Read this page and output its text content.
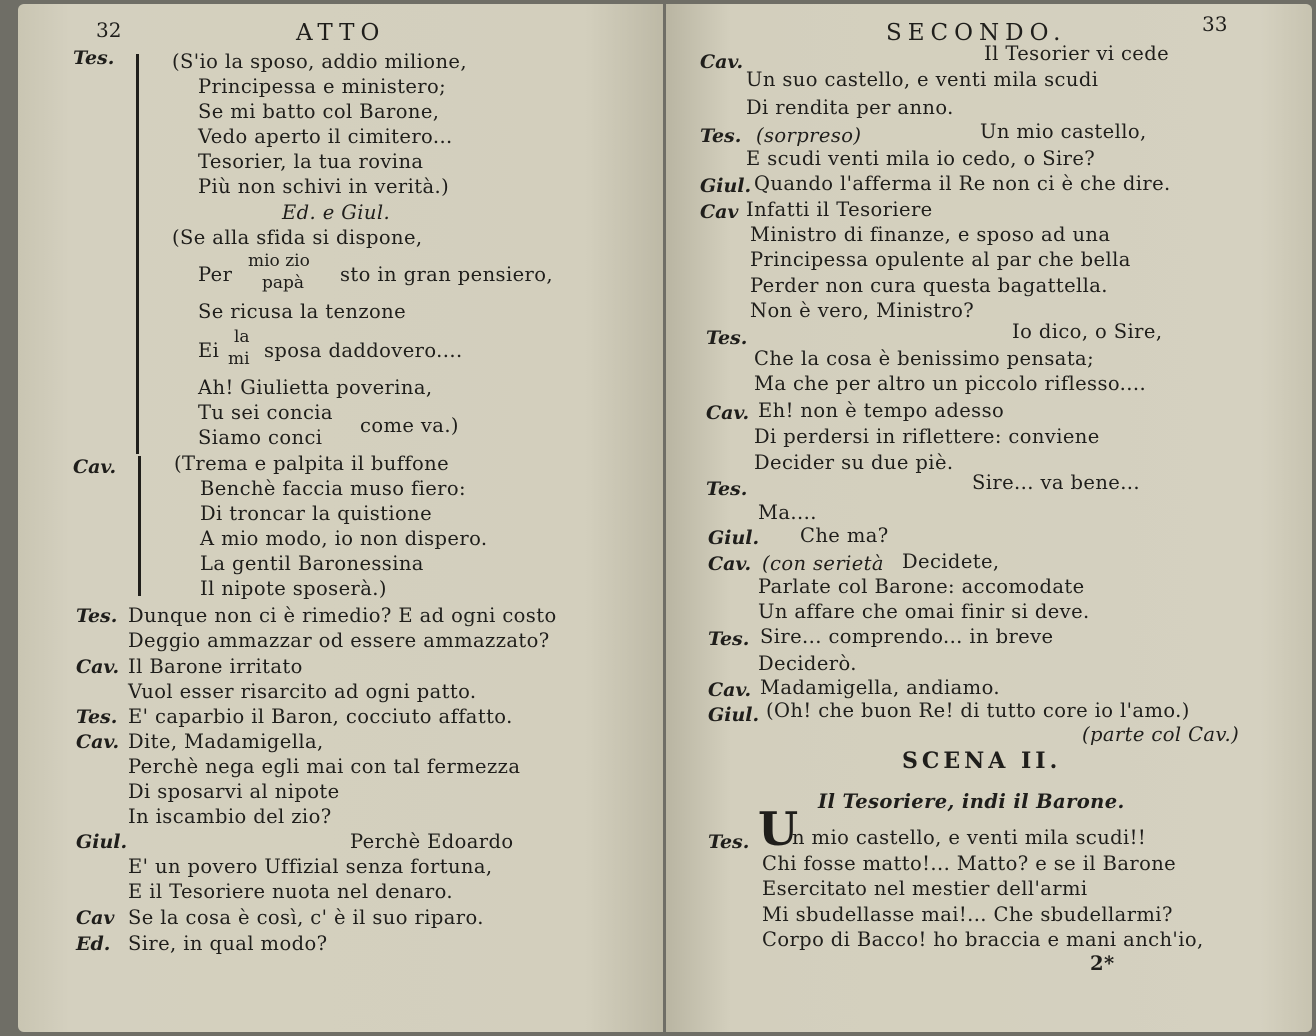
32	ATTO
Tes.	(S'io la sposo, addio milione,
Principessa e ministero;
Se mi batto col Barone,
Vedo aperto il cimitero...
Tesorier, la tua rovina
Più non schivi in verità.)
Ed. e Giul.
(Se alla sfida si dispone,
Per
mio zio
papà sto in gran pensiero,
Se ricusa la tenzone
Ei
la
mi sposa daddovero....
Ah! Giulietta poverina,
Tu sei concia
Siamo conci
come va.)
Cav.	(Trema e palpita il buffone
Benchè faccia muso fiero:
Di troncar la quistione
A mio modo, io non dispero.
La gentil Baronessina
Il nipote sposerà.)
Tes. Dunque non ci è rimedio? E ad ogni costo
Deggio ammazzar od essere ammazzato?
Cav. Il Barone irritato
Vuol esser risarcito ad ogni patto.
Tes. E' caparbio il Baron, cocciuto affatto.
Cav. Dite, Madamigella,
Perchè nega egli mai con tal fermezza
Di sposarvi al nipote
In iscambio del zio?
Giul.	Perchè Edoardo
E' un povero Uffizial senza fortuna,
E il Tesoriere nuota nel denaro.
Cav Se la cosa è così, c' è il suo riparo.
Ed. Sire, in qual modo?
SECONDO.	33
Cav.	Il Tesorier vi cede
Un suo castello, e venti mila scudi
Di rendita per anno.
Tes. (sorpreso)	Un mio castello,
E scudi venti mila io cedo, o Sire?
Giul. Quando l'afferma il Re non ci è che dire.
Cav Infatti il Tesoriere
Ministro di finanze, e sposo ad una
Principessa opulente al par che bella
Perder non cura questa bagattella.
Non è vero, Ministro?
Tes.	Io dico, o Sire,
Che la cosa è benissimo pensata;
Ma che per altro un piccolo riflesso....
Cav. Eh! non è tempo adesso
Di perdersi in riflettere: conviene
Decider su due piè.
Tes.	Sire... va bene...
Ma....
Giul. Che ma?
Cav. (con serietà Decidete,
Parlate col Barone: accomodate
Un affare che omai finir si deve.
Tes. Sire... comprendo... in breve
Deciderò.
Cav. Madamigella, andiamo.
Giul. (Oh! che buon Re! di tutto core io l'amo.)
(parte col Cav.)
SCENA II.
Il Tesoriere, indi il Barone.
Tes. U
n mio castello, e venti mila scudi!!
Chi fosse matto!... Matto? e se il Barone
Esercitato nel mestier dell'armi
Mi sbudellasse mai!... Che sbudellarmi?
Corpo di Bacco! ho braccia e mani anch'io,
2*
